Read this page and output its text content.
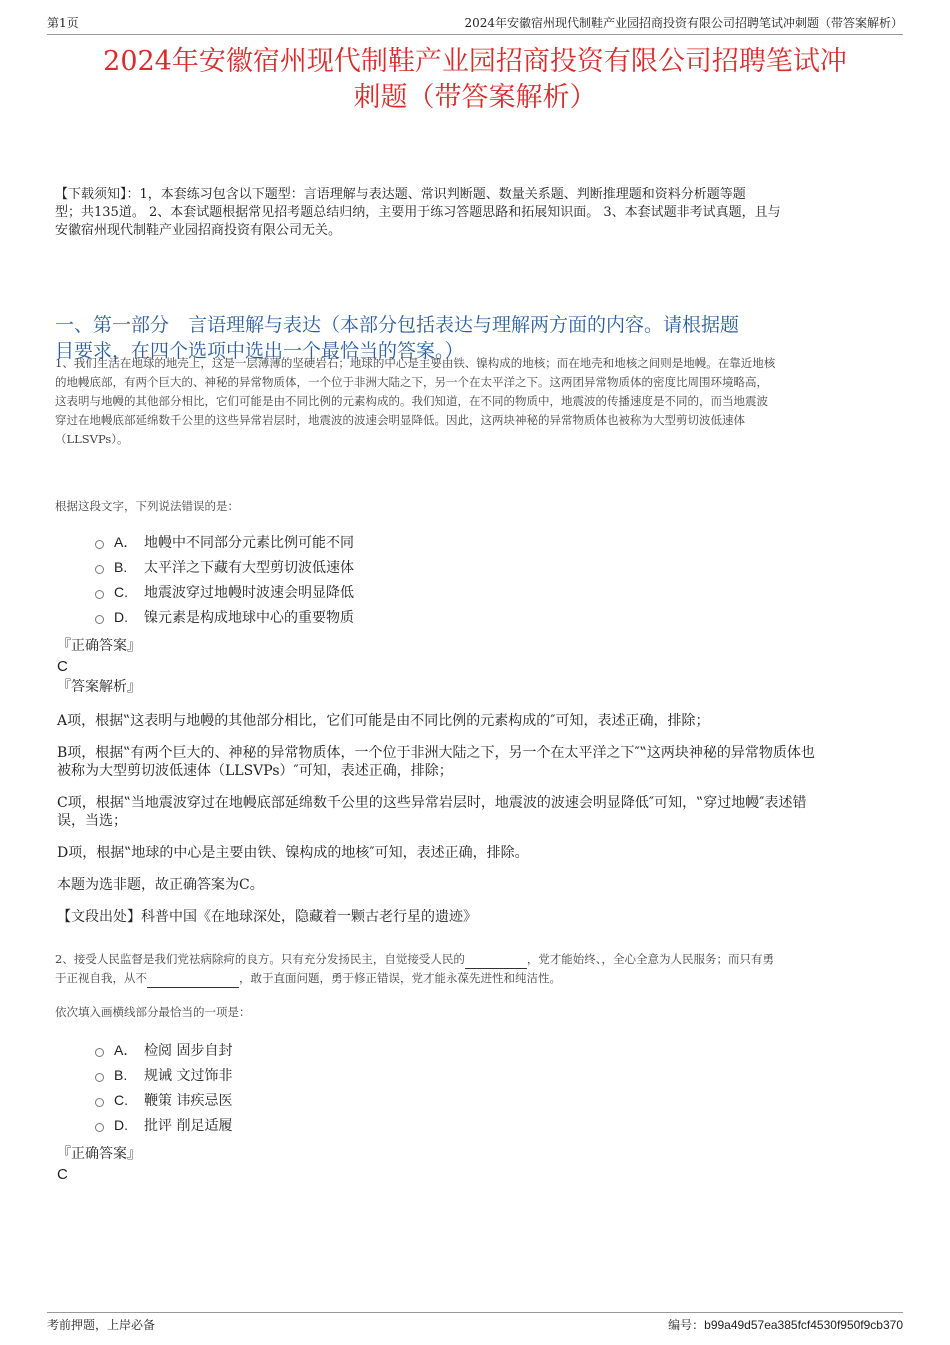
第1页	2024年安徽宿州现代制鞋产业园招商投资有限公司招聘笔试冲刺题（带答案解析）
2024年安徽宿州现代制鞋产业园招商投资有限公司招聘笔试冲
刺题（带答案解析）
【下载须知】：1，本套练习包含以下题型：言语理解与表达题、常识判断题、数量关系题、判断推理题和资料分析题等题
型；共135道。 2、本套试题根据常见招考题总结归纳，主要用于练习答题思路和拓展知识面。 3、本套试题非考试真题，且与
安徽宿州现代制鞋产业园招商投资有限公司无关。
一、第一部分　言语理解与表达（本部分包括表达与理解两方面的内容。请根据题
目要求，在四个选项中选出一个最恰当的答案。）
1、我们生活在地球的地壳上，这是一层薄薄的坚硬岩石；地球的中心是主要由铁、镍构成的地核；而在地壳和地核之间则是地幔。在靠近地核
的地幔底部，有两个巨大的、神秘的异常物质体，一个位于非洲大陆之下，另一个在太平洋之下。这两团异常物质体的密度比周围环境略高，
这表明与地幔的其他部分相比，它们可能是由不同比例的元素构成的。我们知道，在不同的物质中，地震波的传播速度是不同的，而当地震波
穿过在地幔底部延绵数千公里的这些异常岩层时，地震波的波速会明显降低。因此，这两块神秘的异常物质体也被称为大型剪切波低速体
（LLSVPs）。
根据这段文字，下列说法错误的是：
A． 地幔中不同部分元素比例可能不同
B.	太平洋之下藏有大型剪切波低速体
C.	地震波穿过地幔时波速会明显降低
D.	镍元素是构成地球中心的重要物质
『正确答案』
C
『答案解析』

A项，根据‟这表明与地幔的其他部分相比，它们可能是由不同比例的元素构成的″可知，表述正确，排除；

B项，根据‟有两个巨大的、神秘的异常物质体，一个位于非洲大陆之下，另一个在太平洋之下″‟这两块神秘的异常物质体也
被称为大型剪切波低速体（LLSVPs）″可知，表述正确，排除；

C项，根据‟当地震波穿过在地幔底部延绵数千公里的这些异常岩层时，地震波的波速会明显降低″可知，‟穿过地幔″表述错
误，当选；

D项，根据‟地球的中心是主要由铁、镍构成的地核″可知，表述正确，排除。

本题为选非题，故正确答案为C。

【文段出处】科普中国《在地球深处，隐藏着一颗古老行星的遗迹》

2、接受人民监督是我们党祛病除疴的良方。只有充分发扬民主，自觉接受人民的	，党才能始终、，全心全意为人民服务；而只有勇
于正视自我，从不	，敢于直面问题，勇于修正错误，党才能永葆先进性和纯洁性。
依次填入画横线部分最恰当的一项是：
A． 检阅 固步自封
B.	规诫 文过饰非
C.	鞭策 讳疾忌医
D.	批评 削足适履
『正确答案』
C
考前押题，上岸必备	编号：b99a49d57ea385fcf4530f950f9cb370
